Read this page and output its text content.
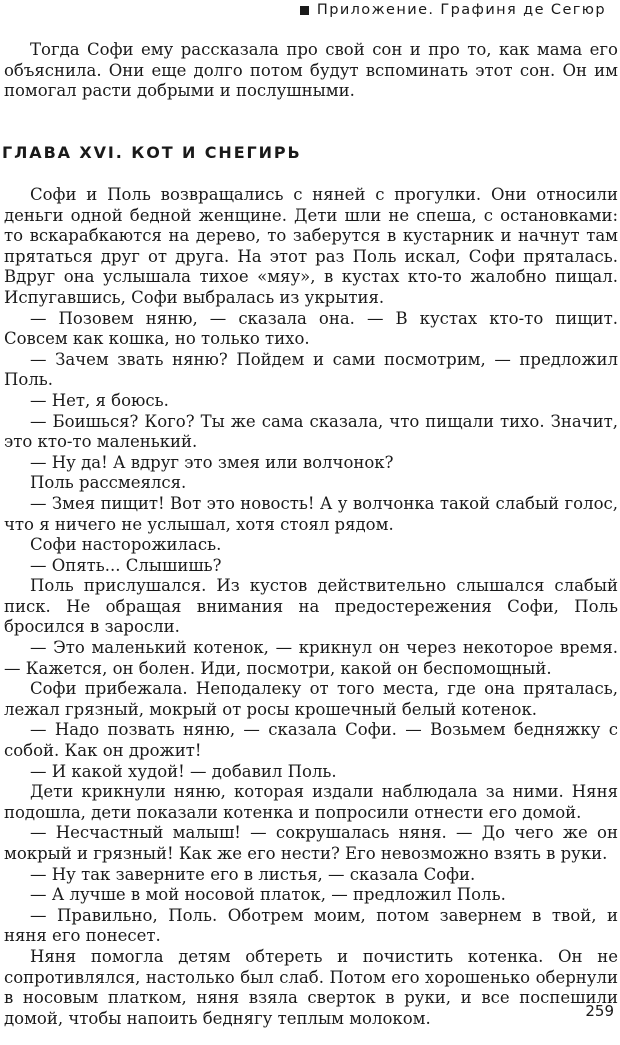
Приложение. Графиня де Сегюр

Тогда Софи ему рассказала про свой сон и про то, как мама его объяснила. Они еще долго потом будут вспоминать этот сон. Он им помогал расти добрыми и послушными.

ГЛАВА XVI. КОТ И СНЕГИРЬ

Софи и Поль возвращались с няней с прогулки. Они относили деньги одной бедной женщине. Дети шли не спеша, с остановками: то вскарабкаются на дерево, то заберутся в кустарник и начнут там прятаться друг от друга. На этот раз Поль искал, Софи пряталась. Вдруг она услышала тихое «мяу», в кустах кто-то жалобно пищал. Испугавшись, Софи выбралась из укрытия.

— Позовем няню, — сказала она. — В кустах кто-то пищит. Совсем как кошка, но только тихо.

— Зачем звать няню? Пойдем и сами посмотрим, — предложил Поль.

— Нет, я боюсь.

— Боишься? Кого? Ты же сама сказала, что пищали тихо. Значит, это кто-то маленький.

— Ну да! А вдруг это змея или волчонок?

Поль рассмеялся.

— Змея пищит! Вот это новость! А у волчонка такой слабый голос, что я ничего не услышал, хотя стоял рядом.

Софи насторожилась.

— Опять... Слышишь?

Поль прислушался. Из кустов действительно слышался слабый писк. Не обращая внимания на предостережения Софи, Поль бросился в заросли.

— Это маленький котенок, — крикнул он через некоторое время. — Кажется, он болен. Иди, посмотри, какой он беспомощный.

Софи прибежала. Неподалеку от того места, где она пряталась, лежал грязный, мокрый от росы крошечный белый котенок.

— Надо позвать няню, — сказала Софи. — Возьмем бедняжку с собой. Как он дрожит!

— И какой худой! — добавил Поль.

Дети крикнули няню, которая издали наблюдала за ними. Няня подошла, дети показали котенка и попросили отнести его домой.

— Несчастный малыш! — сокрушалась няня. — До чего же он мокрый и грязный! Как же его нести? Его невозможно взять в руки.

— Ну так заверните его в листья, — сказала Софи.

— А лучше в мой носовой платок, — предложил Поль.

— Правильно, Поль. Оботрем моим, потом завернем в твой, и няня его понесет.

Няня помогла детям обтереть и почистить котенка. Он не сопротивлялся, настолько был слаб. Потом его хорошенько обернули в носовым платком, няня взяла сверток в руки, и все поспешили домой, чтобы напоить беднягу теплым молоком.	259
